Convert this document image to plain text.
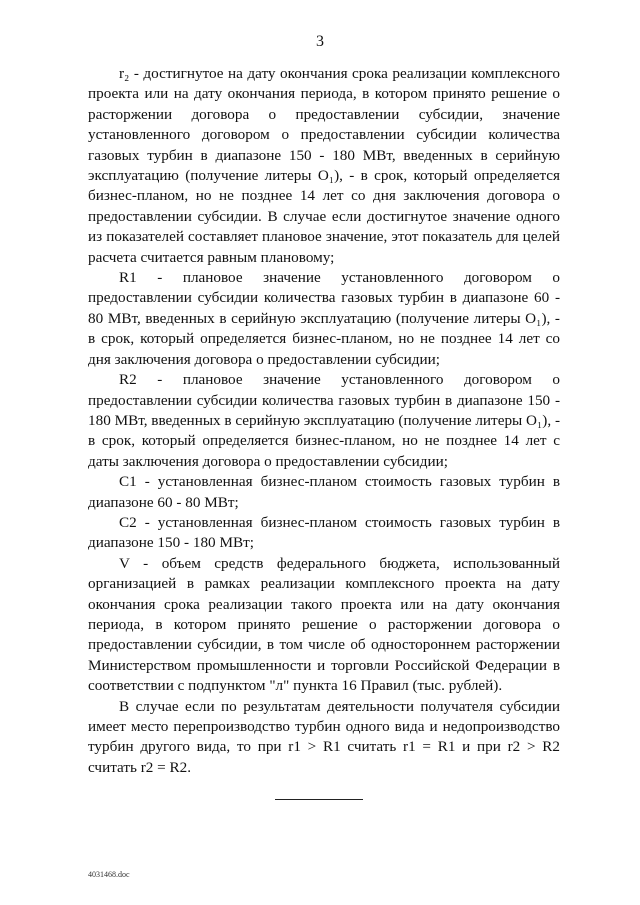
3

r₂ - достигнутое на дату окончания срока реализации комплексного проекта или на дату окончания периода, в котором принято решение о расторжении договора о предоставлении субсидии, значение установленного договором о предоставлении субсидии количества газовых турбин в диапазоне 150 - 180 МВт, введенных в серийную эксплуатацию (получение литеры O₁), - в срок, который определяется бизнес-планом, но не позднее 14 лет со дня заключения договора о предоставлении субсидии. В случае если достигнутое значение одного из показателей составляет плановое значение, этот показатель для целей расчета считается равным плановому;

R1 - плановое значение установленного договором о предоставлении субсидии количества газовых турбин в диапазоне 60 - 80 МВт, введенных в серийную эксплуатацию (получение литеры O₁), - в срок, который определяется бизнес-планом, но не позднее 14 лет со дня заключения договора о предоставлении субсидии;

R2 - плановое значение установленного договором о предоставлении субсидии количества газовых турбин в диапазоне 150 - 180 МВт, введенных в серийную эксплуатацию (получение литеры O₁), - в срок, который определяется бизнес-планом, но не позднее 14 лет с даты заключения договора о предоставлении субсидии;

C1 - установленная бизнес-планом стоимость газовых турбин в диапазоне 60 - 80 МВт;

C2 - установленная бизнес-планом стоимость газовых турбин в диапазоне 150 - 180 МВт;

V - объем средств федерального бюджета, использованный организацией в рамках реализации комплексного проекта на дату окончания срока реализации такого проекта или на дату окончания периода, в котором принято решение о расторжении договора о предоставлении субсидии, в том числе об одностороннем расторжении Министерством промышленности и торговли Российской Федерации в соответствии с подпунктом "л" пункта 16 Правил (тыс. рублей).

В случае если по результатам деятельности получателя субсидии имеет место перепроизводство турбин одного вида и недопроизводство турбин другого вида, то при r1 > R1 считать r1 = R1 и при r2 > R2 считать r2 = R2.

4031468.doc
